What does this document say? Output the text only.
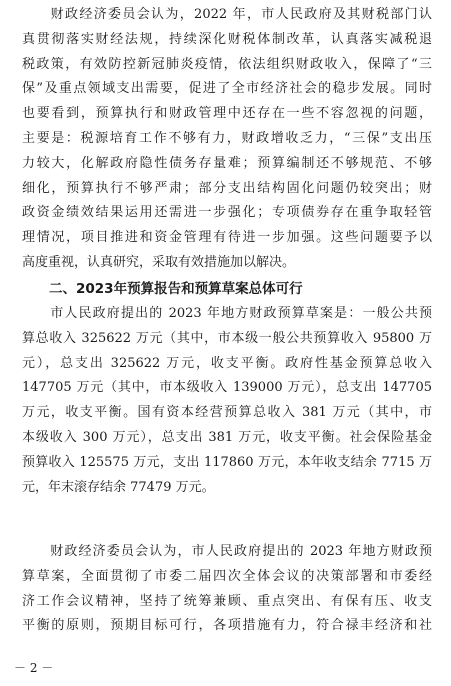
　　财政经济委员会认为，2022 年，市人民政府及其财税部门认
真贯彻落实财经法规，持续深化财税体制改革，认真落实减税退
税政策，有效防控新冠肺炎疫情，依法组织财政收入，保障了“三
保”及重点领域支出需要，促进了全市经济社会的稳步发展。同时
也要看到，预算执行和财政管理中还存在一些不容忽视的问题，
主要是：税源培育工作不够有力，财政增收乏力，“三保”支出压
力较大，化解政府隐性债务存量难；预算编制还不够规范、不够
细化，预算执行不够严肃；部分支出结构固化问题仍较突出；财
政资金绩效结果运用还需进一步强化；专项债券存在重争取轻管
理情况，项目推进和资金管理有待进一步加强。这些问题要予以
高度重视，认真研究，采取有效措施加以解决。

　　二、2023年预算报告和预算草案总体可行

　　市人民政府提出的 2023 年地方财政预算草案是：一般公共预
算总收入 325622 万元（其中，市本级一般公共预算收入 95800 万
元），总支出 325622 万元，收支平衡。政府性基金预算总收入
147705 万元（其中，市本级收入 139000 万元），总支出 147705
万元，收支平衡。国有资本经营预算总收入 381 万元（其中，市
本级收入 300 万元），总支出 381 万元，收支平衡。社会保险基金
预算收入 125575 万元，支出 117860 万元，本年收支结余 7715 万
元，年末滚存结余 77479 万元。

　　财政经济委员会认为，市人民政府提出的 2023 年地方财政预
算草案，全面贯彻了市委二届四次全体会议的决策部署和市委经
济工作会议精神，坚持了统筹兼顾、重点突出、有保有压、收支
平衡的原则，预期目标可行，各项措施有力，符合禄丰经济和社

－ 2 －
